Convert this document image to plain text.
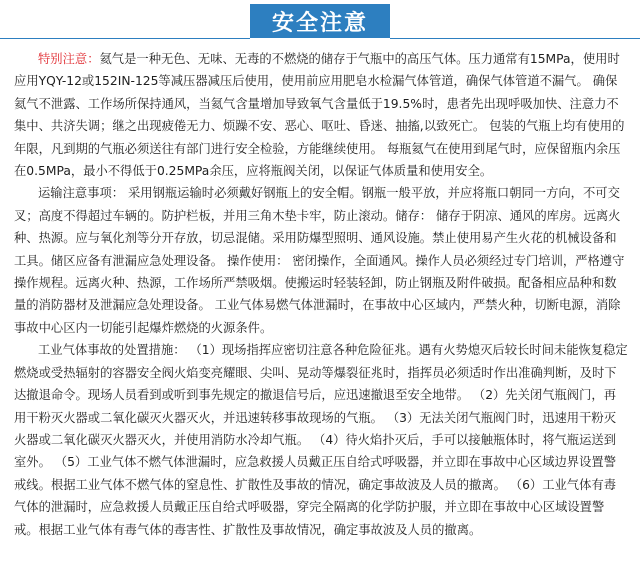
安全注意

特别注意：氦气是一种无色、无味、无毒的不燃烧的储存于气瓶中的高压气体。压力通常有15MPa，使用时应用YQY-12或152IN-125等减压器减压后使用，使用前应用肥皂水检漏气体管道，确保气体管道不漏气。 确保氦气不泄露、工作场所保持通风，当氦气含量增加导致氧气含量低于19.5%时，患者先出现呼吸加快、注意力不集中、共济失调；继之出现疲倦无力、烦躁不安、恶心、呕吐、昏迷、抽搐,以致死亡。 包装的气瓶上均有使用的年限，凡到期的气瓶必须送往有部门进行安全检验，方能继续使用。 每瓶氦气在使用到尾气时，应保留瓶内余压在0.5MPa，最小不得低于0.25MPa余压，应将瓶阀关闭，以保证气体质量和使用安全。

运输注意事项： 采用钢瓶运输时必须戴好钢瓶上的安全帽。钢瓶一般平放，并应将瓶口朝同一方向，不可交叉；高度不得超过车辆的。防护栏板，并用三角木垫卡牢，防止滚动。储存： 储存于阴凉、通风的库房。远离火种、热源。应与氧化剂等分开存放，切忌混储。采用防爆型照明、通风设施。禁止使用易产生火花的机械设备和工具。储区应备有泄漏应急处理设备。 操作使用： 密闭操作，全面通风。操作人员必须经过专门培训，严格遵守操作规程。远离火种、热源，工作场所严禁吸烟。使搬运时轻装轻卸，防止钢瓶及附件破损。配备相应品种和数量的消防器材及泄漏应急处理设备。 工业气体易燃气体泄漏时，在事故中心区域内，严禁火种，切断电源，消除事故中心区内一切能引起爆炸燃烧的火源条件。

工业气体事故的处置措施： （1）现场指挥应密切注意各种危险征兆。遇有火势熄灭后较长时间未能恢复稳定燃烧或受热辐射的容器安全阀火焰变亮耀眼、尖叫、晃动等爆裂征兆时，指挥员必须适时作出准确判断，及时下达撤退命令。现场人员看到或听到事先规定的撤退信号后，应迅速撤退至安全地带。 （2）先关闭气瓶阀门，再用干粉灭火器或二氧化碳灭火器灭火，并迅速转移事故现场的气瓶。 （3）无法关闭气瓶阀门时，迅速用干粉灭火器或二氧化碳灭火器灭火，并使用消防水冷却气瓶。 （4）待火焰扑灭后，手可以接触瓶体时，将气瓶运送到室外。 （5）工业气体不燃气体泄漏时，应急救援人员戴正压自给式呼吸器，并立即在事故中心区域边界设置警戒线。根据工业气体不燃气体的窒息性、扩散性及事故的情况，确定事故波及人员的撤离。 （6）工业气体有毒气体的泄漏时，应急救援人员戴正压自给式呼吸器，穿完全隔离的化学防护服，并立即在事故中心区域设置警戒。根据工业气体有毒气体的毒害性、扩散性及事故情况，确定事故波及人员的撤离。
